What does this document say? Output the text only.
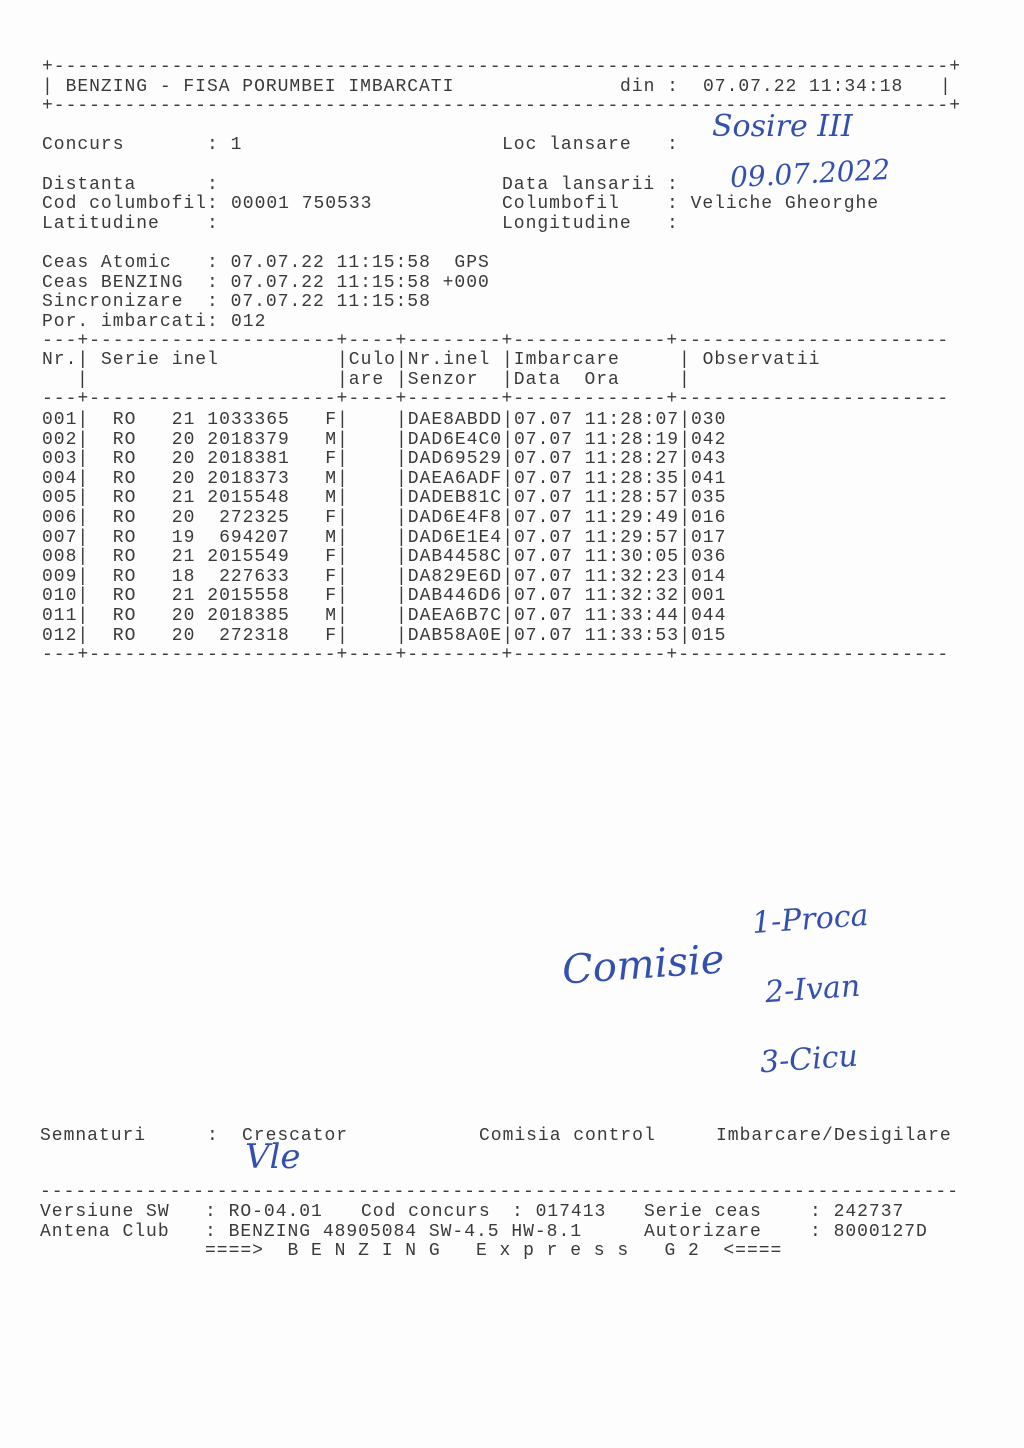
+----------------------------------------------------------------------------+
| BENZING - FISA PORUMBEI IMBARCATI	din : 07.07.22 11:34:18 |
+----------------------------------------------------------------------------+
Concurs	: 1	Loc lansare :
Distanta	:	Data lansarii :
Cod columbofil: 00001 750533	Columbofil	: Veliche Gheorghe
Latitudine	:	Longitudine :
Ceas Atomic : 07.07.22 11:15:58  GPS
Ceas BENZING : 07.07.22 11:15:58 +000
Sincronizare : 07.07.22 11:15:58
Por. imbarcati: 012
---+---------------------+----+--------+-------------+-----------------------
Nr.| Serie inel	|Culo |Nr.inel |Imbarcare	| Observatii
|	|are |Senzor |Data  Ora	|
---+---------------------+----+--------+-------------+-----------------------
001 | RO 21 1033365 F |	| DAE8ABDD | 07.07 11:28:07 | 030
002 | RO 20 2018379 M |	| DAD6E4C0 | 07.07 11:28:19 | 042
003 | RO 20 2018381 F |	| DAD69529 | 07.07 11:28:27 | 043
004 | RO 20 2018373 M |	| DAEA6ADF | 07.07 11:28:35 | 041
005 | RO 21 2015548 M |	| DADEB81C | 07.07 11:28:57 | 035
006 | RO 20	272325 F |	| DAD6E4F8 | 07.07 11:29:49 | 016
007 | RO 19	694207 M |	| DAD6E1E4 | 07.07 11:29:57 | 017
008 | RO 21 2015549 F |	| DAB4458C | 07.07 11:30:05 | 036
009 | RO 18	227633 F |	| DA829E6D | 07.07 11:32:23 | 014
010 | RO 21 2015558 F |	| DAB446D6 | 07.07 11:32:32 | 001
011 | RO 20 2018385 M |	| DAEA6B7C | 07.07 11:33:44 | 044
012 | RO 20	272318 F |	| DAB58A0E | 07.07 11:33:53 | 015
---+---------------------+----+--------+-------------+-----------------------
Semnaturi	: Crescator	Comisia control	Imbarcare/Desigilare
------------------------------------------------------------------------------
Versiune SW : RO-04.01 Cod concurs : 017413 Serie ceas	: 242737
Antena Club : BENZING 48905084 SW-4.5 HW-8.1	Autorizare	: 8000127D
====>  B E N Z I N G   E x p r e s s   G 2  <====
Sosire III
09.07.2022
Comisie
1-Proca
2-Ivan
3-Cicu
Vle
